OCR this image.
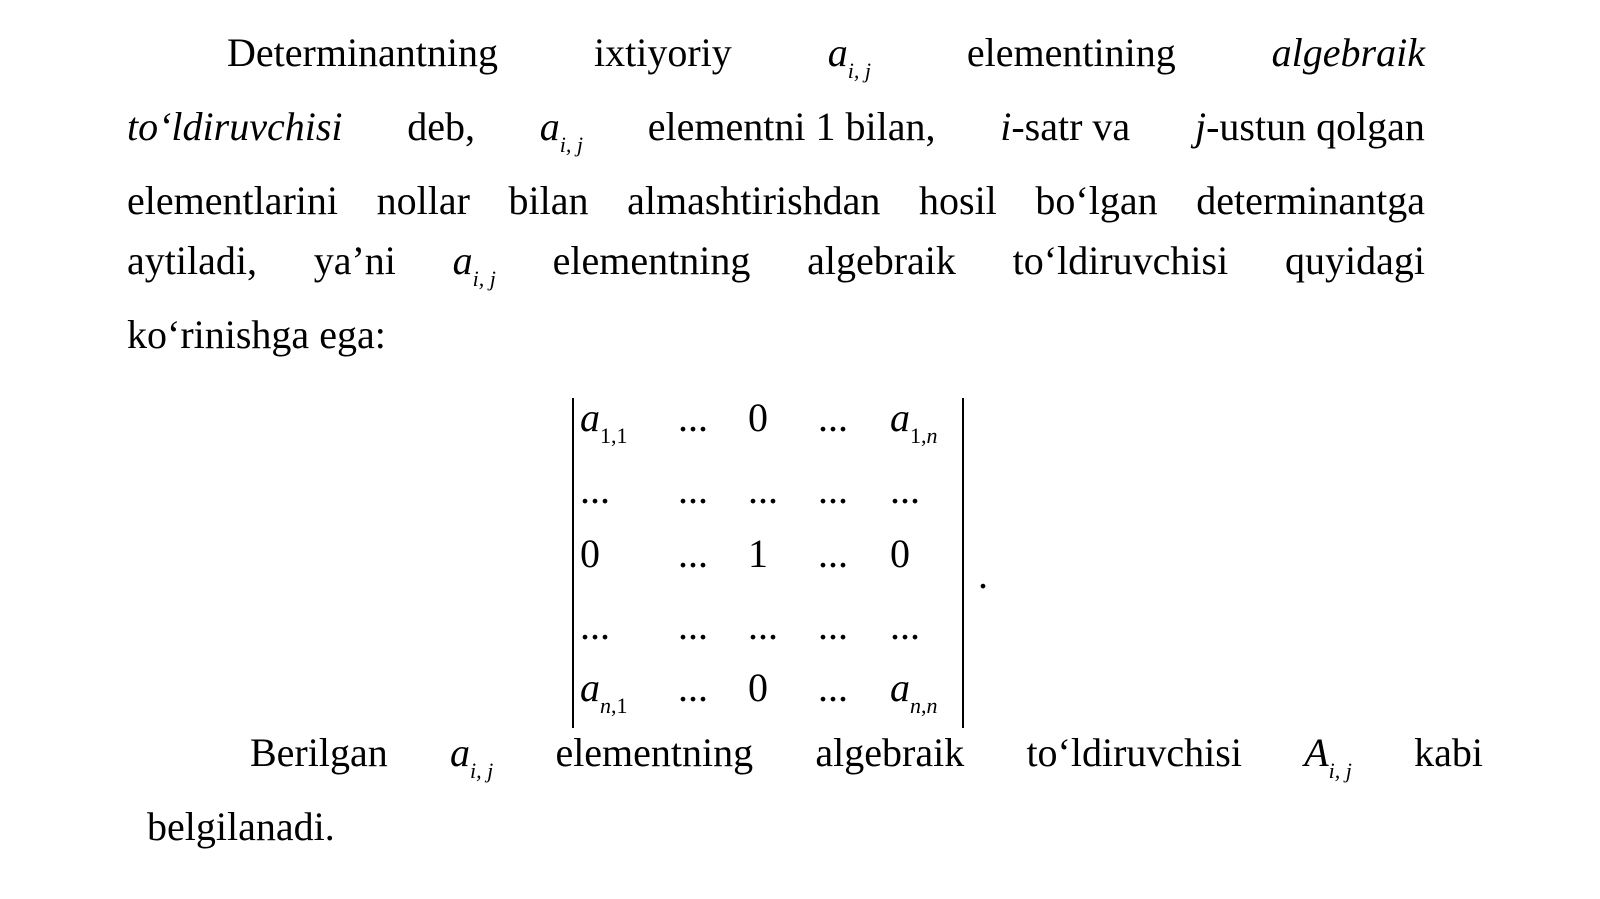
Determinantning ixtiyoriy $a_{i, j}$ elementining algebraik
to‘ldiruvchisi deb, $a_{i, j}$ elementni 1 bilan, i-satr va j-ustun qolgan
elementlarini nollar bilan almashtirishdan hosil bo‘lgan determinantga
aytiladi, ya’ni $a_{i, j}$ elementning algebraik to‘ldiruvchisi quyidagi
ko‘rinishga ega:
$a_{1,1}$ ... 0 ... $a_{1,n}$
... ... ... ... ...
0 ... 1 ... 0
... ... ... ... ...
$a_{n,1}$ ... 0 ... $a_{n,n}$
.
Berilgan $a_{i, j}$ elementning algebraik to‘ldiruvchisi $A_{i, j}$ kabi
belgilanadi.
